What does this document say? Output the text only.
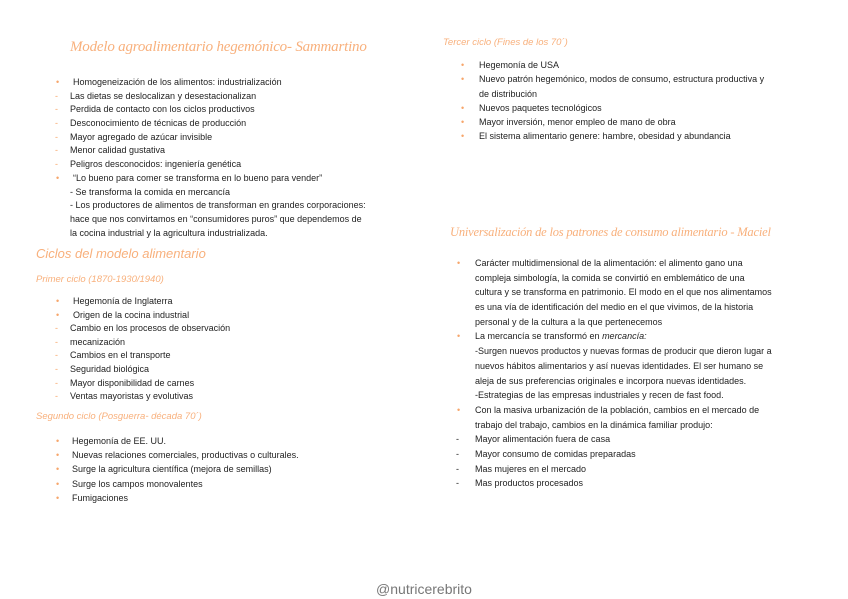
Modelo agroalimentario hegemónico- Sammartino
• Homogeneización de los alimentos: industrialización
- Las dietas se deslocalizan y desestacionalizan
- Perdida de contacto con los ciclos productivos
- Desconocimiento de técnicas de producción
- Mayor agregado de azúcar invisible
- Menor calidad gustativa
- Peligros desconocidos: ingeniería genética
• “Lo bueno para comer se transforma en lo bueno para vender”
- Se transforma la comida en mercancía
- Los productores de alimentos de transforman en grandes corporaciones:
hace que nos convirtamos en “consumidores puros” que dependemos de
la cocina industrial y la agricultura industrializada.
Ciclos del modelo alimentario
Primer ciclo (1870-1930/1940)
• Hegemonía de Inglaterra
• Origen de la cocina industrial
- Cambio en los procesos de observación
- mecanización
- Cambios en el transporte
- Seguridad biológica
- Mayor disponibilidad de carnes
- Ventas mayoristas y evolutivas
Segundo ciclo (Posguerra- década 70´)
• Hegemonía de EE. UU.
• Nuevas relaciones comerciales, productivas o culturales.
• Surge la agricultura científica (mejora de semillas)
• Surge los campos monovalentes
• Fumigaciones
Tercer ciclo (Fines de los 70´)
• Hegemonía de USA
• Nuevo patrón hegemónico, modos de consumo, estructura productiva y
de distribución
• Nuevos paquetes tecnológicos
• Mayor inversión, menor empleo de mano de obra
• El sistema alimentario genere: hambre, obesidad y abundancia
Universalización de los patrones de consumo alimentario - Maciel
• Carácter multidimensional de la alimentación: el alimento gano una
compleja simbología, la comida se convirtió en emblemático de una
cultura y se transforma en patrimonio. El modo en el que nos alimentamos
es una vía de identificación del medio en el que vivimos, de la historia
personal y de la cultura a la que pertenecemos
• La mercancía se transformó en mercancía:
-Surgen nuevos productos y nuevas formas de producir que dieron lugar a
nuevos hábitos alimentarios y así nuevas identidades. El ser humano se
aleja de sus preferencias originales e incorpora nuevas identidades.
-Estrategias de las empresas industriales y recen de fast food.
• Con la masiva urbanización de la población, cambios en el mercado de
trabajo del trabajo, cambios en la dinámica familiar produjo:
- Mayor alimentación fuera de casa
- Mayor consumo de comidas preparadas
- Mas mujeres en el mercado
- Mas productos procesados
@nutricerebrito
